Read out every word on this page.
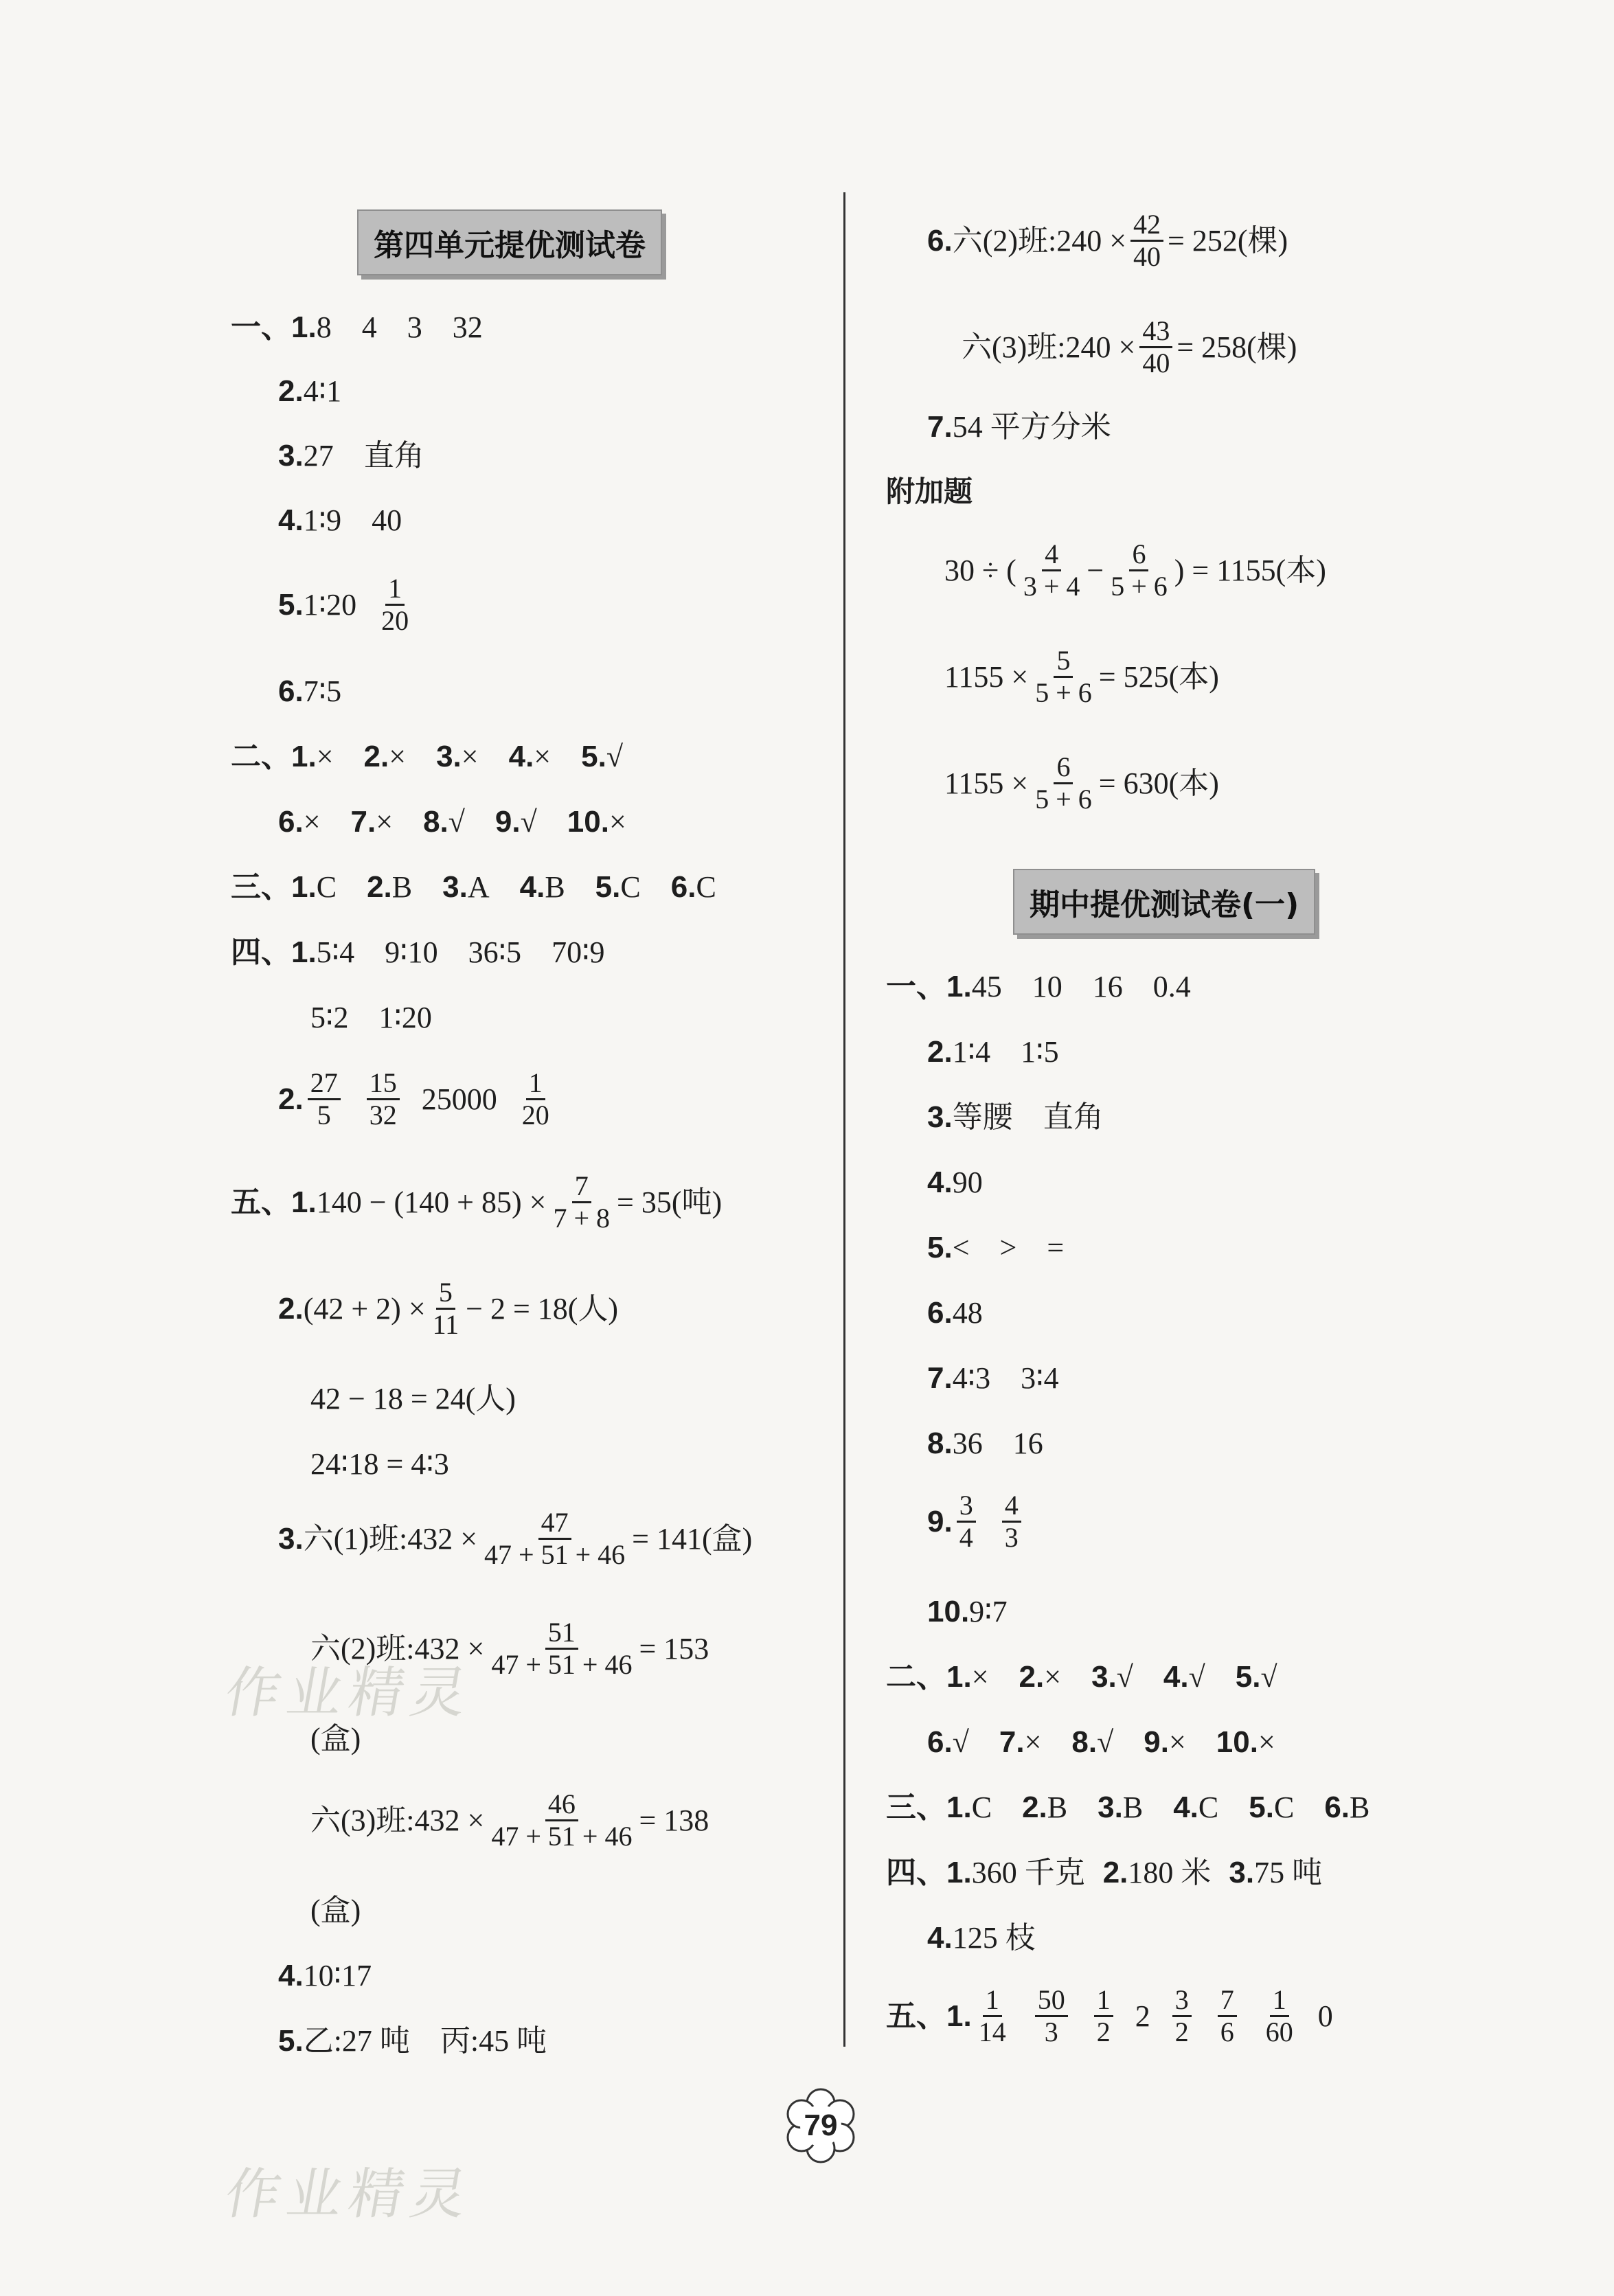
第四单元提优测试卷
一、1. 8 4 3 32
2. 4∶1
3. 27 直角
4. 1∶9 40
5. 1∶20 $\frac{1}{20}$
6. 7∶5
二、1. × 2. × 3. × 4. × 5. √
6. × 7. × 8. √ 9. √ 10. ×
三、1. C 2. B 3. A 4. B 5. C 6. C
四、1. 5∶4 9∶10 36∶5 70∶9
5∶2 1∶20
2. $\frac{27}{5} \frac{15}{32} 25000 \frac{1}{20}$
五、1. $140 - (140 + 85) \times \frac{7}{7 + 8} = 35$(吨)
2. $(42 + 2) \times \frac{5}{11} - 2 = 18$(人)
42 − 18 = 24(人)
24∶18 = 4∶3
3. 六(1)班:432 × $\frac{47}{47 + 51 + 46} = 141$(盒)
六(2)班:432 × $\frac{51}{47 + 51 + 46} = 153$
(盒)
六(3)班:432 × $\frac{46}{47 + 51 + 46} = 138$
(盒)
4. 10∶17
5. 乙:27 吨 丙:45 吨
6. 六(2)班:240 × $\frac{42}{40} = 252$(棵)
六(3)班:240 × $\frac{43}{40} = 258$(棵)
7. 54 平方分米
附加题
30 ÷ ( $\frac{4}{3 + 4} - \frac{6}{5 + 6}$ ) = 1155(本)
$1155 \times \frac{5}{5 + 6} = 525$(本)
$1155 \times \frac{6}{5 + 6} = 630$(本)
期中提优测试卷(一)
一、1. 45 10 16 0.4
2. 1∶4 1∶5
3. 等腰 直角
4. 90
5. < > =
6. 48
7. 4∶3 3∶4
8. 36 16
9. $\frac{3}{4} \frac{4}{3}$
10. 9∶7
二、1. × 2. × 3. √ 4. √ 5. √
6. √ 7. × 8. √ 9. × 10. ×
三、1. C 2. B 3. B 4. C 5. C 6. B
四、1. 360 千克 2. 180 米 3. 75 吨
4. 125 枝
五、1. $\frac{1}{14} \frac{50}{3} \frac{1}{2} 2 \frac{3}{2} \frac{7}{6} \frac{1}{60} 0$
79
作业精灵
作业精灵
